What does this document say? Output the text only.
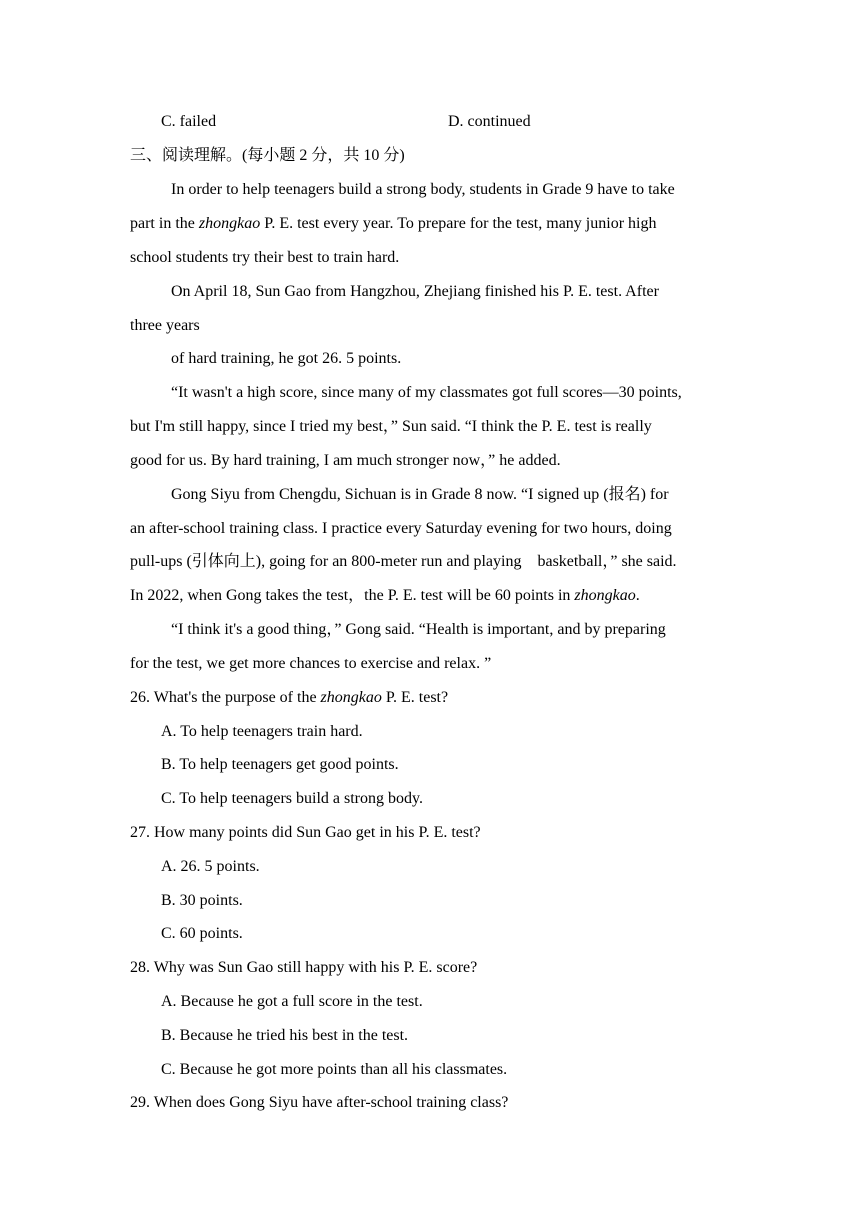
C. failed	D. continued
三、阅读理解。(每小题 2 分，共 10 分)
In order to help teenagers build a strong body, students in Grade 9 have to take
part in the zhongkao P. E. test every year. To prepare for the test, many junior high
school students try their best to train hard.
On April 18, Sun Gao from Hangzhou, Zhejiang finished his P. E. test. After
three years
of hard training, he got 26. 5 points.
“It wasn't a high score, since many of my classmates got full scores—30 points,
but I'm still happy, since I tried my best，” Sun said. “I think the P. E. test is really
good for us. By hard training, I am much stronger now，” he added.
Gong Siyu from Chengdu, Sichuan is in Grade 8 now. “I signed up (报名) for
an after-school training class. I practice every Saturday evening for two hours, doing
pull-ups (引体向上), going for an 800-meter run and playing    basketball，” she said.
In 2022, when Gong takes the test，the P. E. test will be 60 points in zhongkao.
“I think it's a good thing，” Gong said. “Health is important, and by preparing
for the test, we get more chances to exercise and relax. ”
26. What's the purpose of the zhongkao P. E. test?
A. To help teenagers train hard.
B. To help teenagers get good points.
C. To help teenagers build a strong body.
27. How many points did Sun Gao get in his P. E. test?
A. 26. 5 points.
B. 30 points.
C. 60 points.
28. Why was Sun Gao still happy with his P. E. score?
A. Because he got a full score in the test.
B. Because he tried his best in the test.
C. Because he got more points than all his classmates.
29. When does Gong Siyu have after-school training class?
